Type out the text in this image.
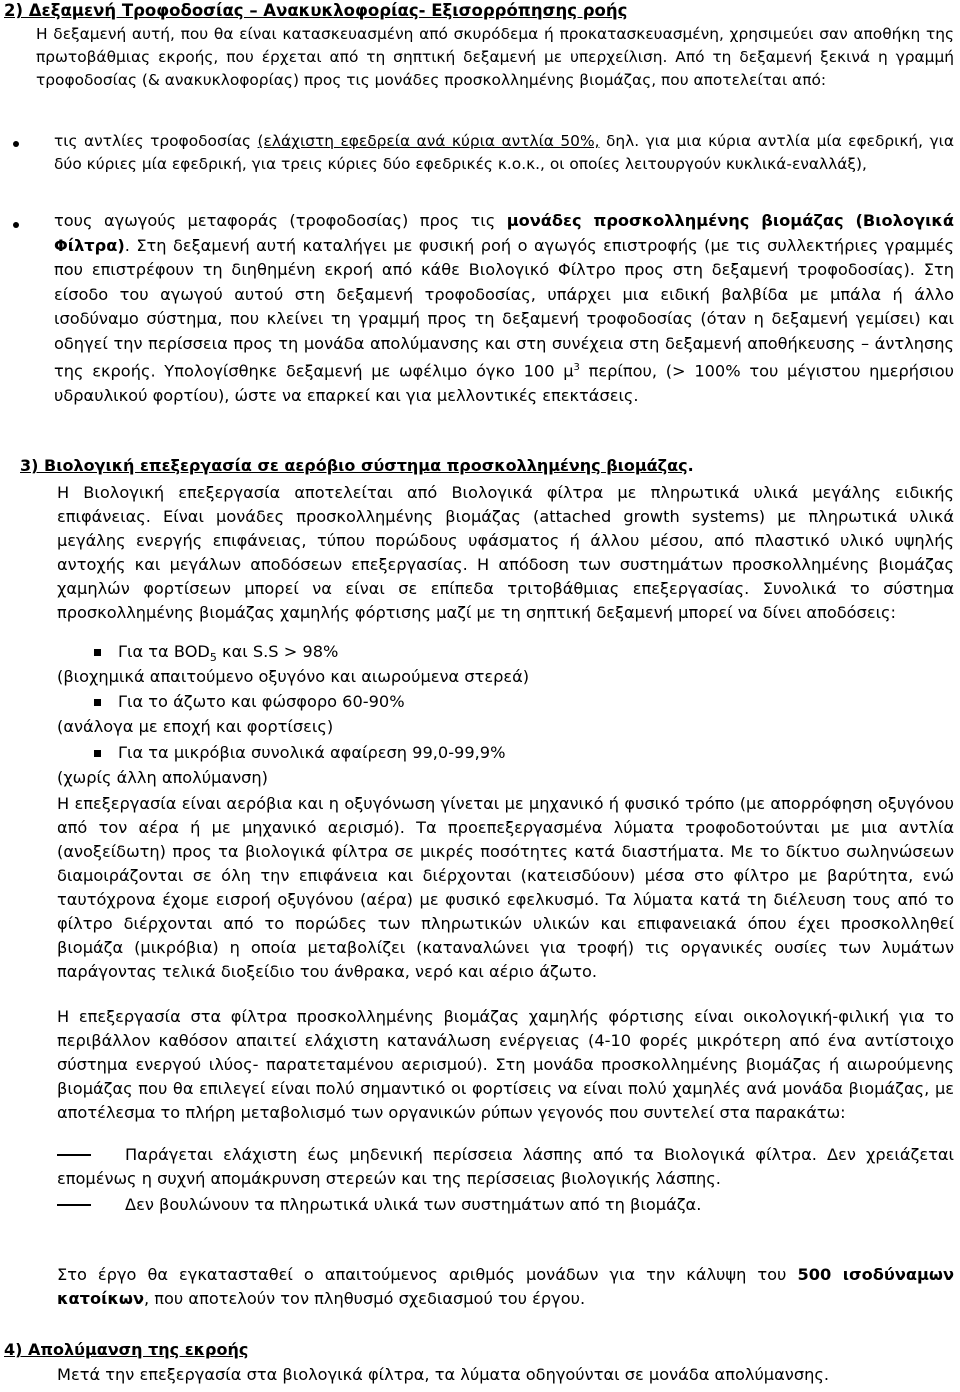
2) Δεξαμενή Τροφοδοσίας – Ανακυκλοφορίας- Εξισορρόπησης ροής
Η δεξαμενή αυτή, που θα είναι κατασκευασμένη από σκυρόδεμα ή προκατασκευασμένη, χρησιμεύει σαν αποθήκη της πρωτοβάθμιας εκροής, που έρχεται από τη σηπτική δεξαμενή με υπερχείλιση. Από τη δεξαμενή ξεκινά η γραμμή τροφοδοσίας (& ανακυκλοφορίας) προς τις μονάδες προσκολλημένης βιομάζας, που αποτελείται από:
τις αντλίες τροφοδοσίας (ελάχιστη εφεδρεία ανά κύρια αντλία 50%, δηλ. για μια κύρια αντλία μία εφεδρική, για δύο κύριες μία εφεδρική, για τρεις κύριες δύο εφεδρικές κ.ο.κ., οι οποίες λειτουργούν κυκλικά-εναλλάξ),
τους αγωγούς μεταφοράς (τροφοδοσίας) προς τις μονάδες προσκολλημένης βιομάζας (Βιολογικά Φίλτρα). Στη δεξαμενή αυτή καταλήγει με φυσική ροή ο αγωγός επιστροφής (με τις συλλεκτήριες γραμμές που επιστρέφουν τη διηθημένη εκροή από κάθε Βιολογικό Φίλτρο προς στη δεξαμενή τροφοδοσίας). Στη είσοδο του αγωγού αυτού στη δεξαμενή τροφοδοσίας, υπάρχει μια ειδική βαλβίδα με μπάλα ή άλλο ισοδύναμο σύστημα, που κλείνει τη γραμμή προς τη δεξαμενή τροφοδοσίας (όταν η δεξαμενή γεμίσει) και οδηγεί την περίσσεια προς τη μονάδα απολύμανσης και στη συνέχεια στη δεξαμενή αποθήκευσης – άντλησης της εκροής. Υπολογίσθηκε δεξαμενή με ωφέλιμο όγκο 100 $\mu^3$ περίπου, (> 100% του μέγιστου ημερήσιου υδραυλικού φορτίου), ώστε να επαρκεί και για μελλοντικές επεκτάσεις.
3) Βιολογική επεξεργασία σε αερόβιο σύστημα προσκολλημένης βιομάζας.
Η Βιολογική επεξεργασία αποτελείται από Βιολογικά φίλτρα με πληρωτικά υλικά μεγάλης ειδικής επιφάνειας. Είναι μονάδες προσκολλημένης βιομάζας (attached growth systems) με πληρωτικά υλικά μεγάλης ενεργής επιφάνειας, τύπου πορώδους υφάσματος ή άλλου μέσου, από πλαστικό υλικό υψηλής αντοχής και μεγάλων αποδόσεων επεξεργασίας. Η απόδοση των συστημάτων προσκολλημένης βιομάζας χαμηλών φορτίσεων μπορεί να είναι σε επίπεδα τριτοβάθμιας επεξεργασίας. Συνολικά το σύστημα προσκολλημένης βιομάζας χαμηλής φόρτισης μαζί με τη σηπτική δεξαμενή μπορεί να δίνει αποδόσεις:
Για τα $BOD_5$ και S.S > 98%
(βιοχημικά απαιτούμενο οξυγόνο και αιωρούμενα στερεά)
Για το άζωτο και φώσφορο 60-90%
(ανάλογα με εποχή και φορτίσεις)
Για τα μικρόβια συνολικά αφαίρεση 99,0-99,9%
(χωρίς άλλη απολύμανση)
Η επεξεργασία είναι αερόβια και η οξυγόνωση γίνεται με μηχανικό ή φυσικό τρόπο (με απορρόφηση οξυγόνου από τον αέρα ή με μηχανικό αερισμό). Τα προεπεξεργασμένα λύματα τροφοδοτούνται με μια αντλία (ανοξείδωτη) προς τα βιολογικά φίλτρα σε μικρές ποσότητες κατά διαστήματα. Με το δίκτυο σωληνώσεων διαμοιράζονται σε όλη την επιφάνεια και διέρχονται (κατεισδύουν) μέσα στο φίλτρο με βαρύτητα, ενώ ταυτόχρονα έχομε εισροή οξυγόνου (αέρα) με φυσικό εφελκυσμό. Τα λύματα κατά τη διέλευση τους από το φίλτρο διέρχονται από το πορώδες των πληρωτικών υλικών και επιφανειακά όπου έχει προσκολληθεί βιομάζα (μικρόβια) η οποία μεταβολίζει (καταναλώνει για τροφή) τις οργανικές ουσίες των λυμάτων παράγοντας τελικά διοξείδιο του άνθρακα, νερό και αέριο άζωτο.
Η επεξεργασία στα φίλτρα προσκολλημένης βιομάζας χαμηλής φόρτισης είναι οικολογική-φιλική για το περιβάλλον καθόσον απαιτεί ελάχιστη κατανάλωση ενέργειας (4-10 φορές μικρότερη από ένα αντίστοιχο σύστημα ενεργού ιλύος- παρατεταμένου αερισμού). Στη μονάδα προσκολλημένης βιομάζας ή αιωρούμενης βιομάζας που θα επιλεγεί είναι πολύ σημαντικό οι φορτίσεις να είναι πολύ χαμηλές ανά μονάδα βιομάζας, με αποτέλεσμα το πλήρη μεταβολισμό των οργανικών ρύπων γεγονός που συντελεί στα παρακάτω:
Παράγεται ελάχιστη έως μηδενική περίσσεια λάσπης από τα Βιολογικά φίλτρα. Δεν χρειάζεται επομένως η συχνή απομάκρυνση στερεών και της περίσσειας βιολογικής λάσπης.
Δεν βουλώνουν τα πληρωτικά υλικά των συστημάτων από τη βιομάζα.
Στο έργο θα εγκατασταθεί ο απαιτούμενος αριθμός μονάδων για την κάλυψη του 500 ισοδύναμων κατοίκων, που αποτελούν τον πληθυσμό σχεδιασμού του έργου.
4) Απολύμανση της εκροής
Μετά την επεξεργασία στα βιολογικά φίλτρα, τα λύματα οδηγούνται σε μονάδα απολύμανσης.
